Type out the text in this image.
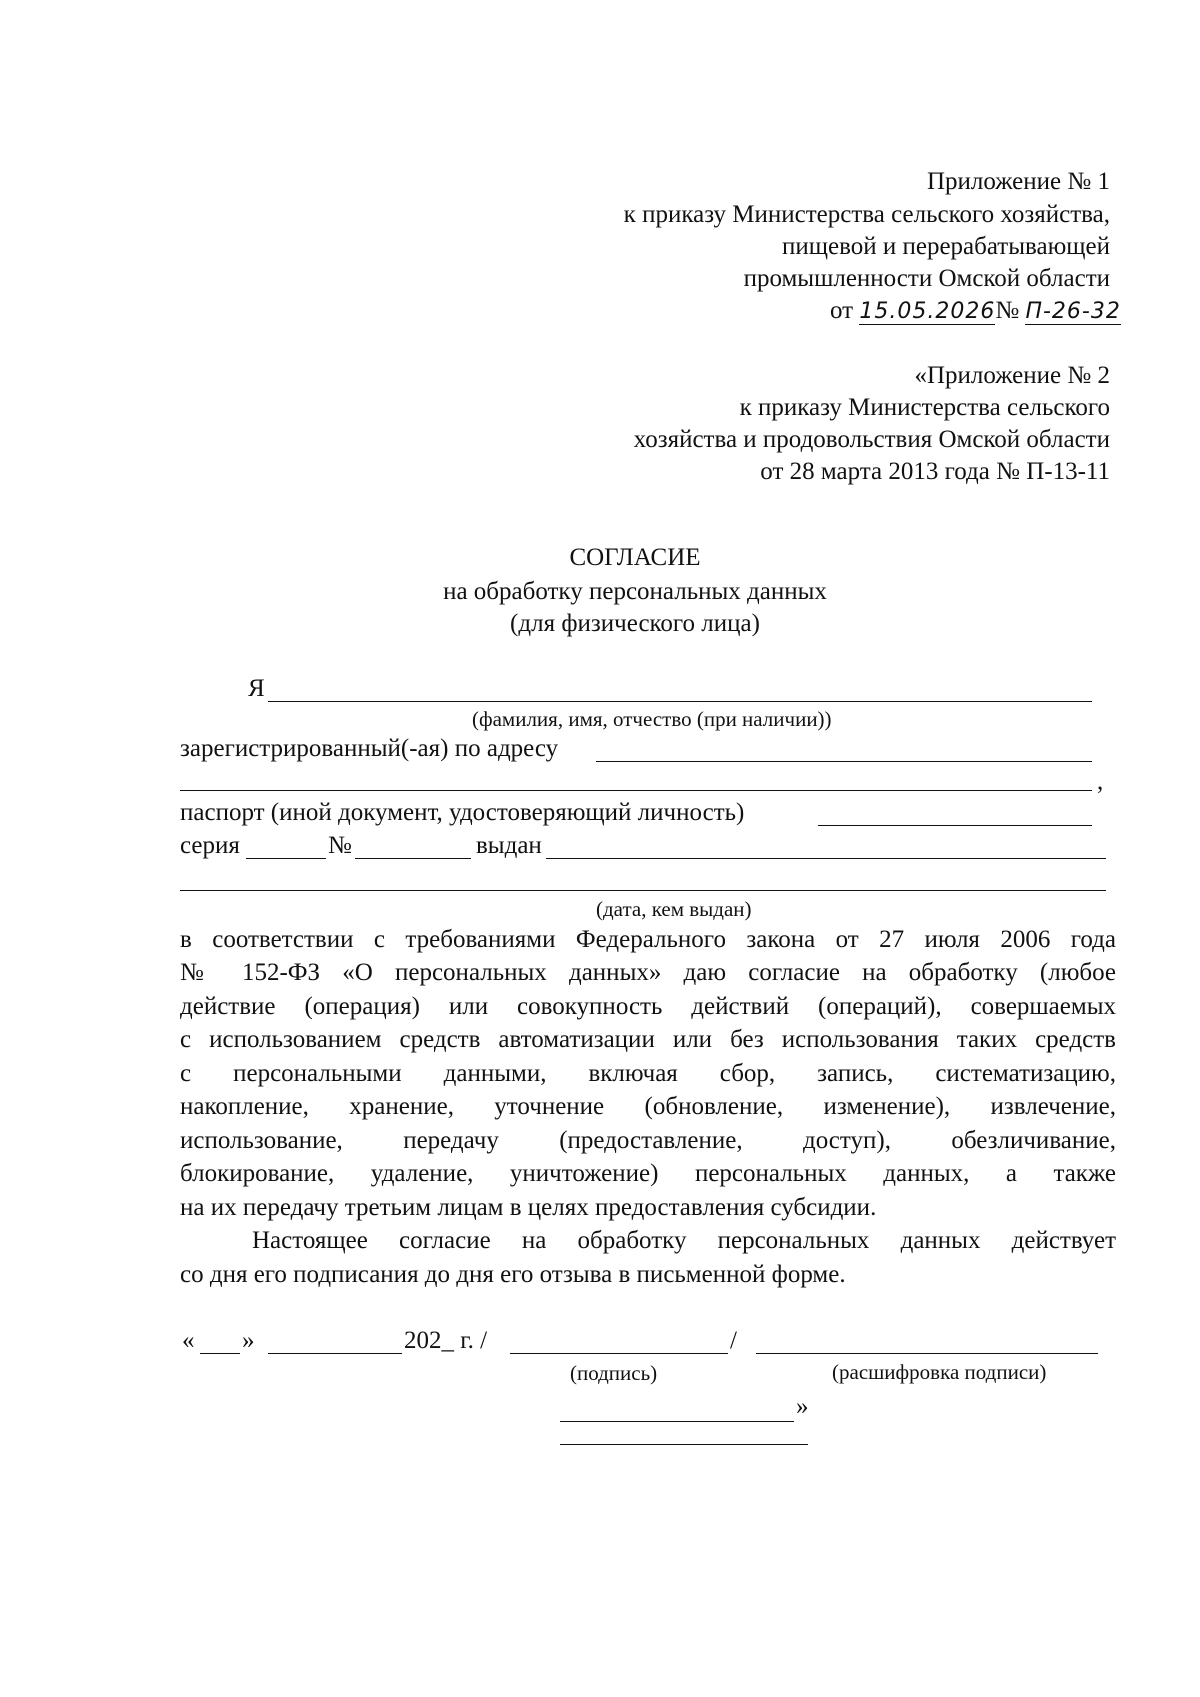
Приложение № 1
к приказу Министерства сельского хозяйства,
пищевой и перерабатывающей
промышленности Омской области
от 15.05.2026№ П-26-32
«Приложение № 2
к приказу Министерства сельского
хозяйства и продовольствия Омской области
от 28 марта 2013 года № П-13-11
СОГЛАСИЕ
на обработку персональных данных
(для физического лица)
Я
(фамилия, имя, отчество (при наличии))
зарегистрированный(-ая) по адресу
,
паспорт (иной документ, удостоверяющий личность)
серия	№	выдан
(дата, кем выдан)
в соответствии с требованиями Федерального закона от 27 июля 2006 года
№ 152-ФЗ «О персональных данных» даю согласие на обработку (любое
действие (операция) или совокупность действий (операций), совершаемых
с использованием средств автоматизации или без использования таких средств
с персональными данными, включая сбор, запись, систематизацию,
накопление, хранение, уточнение (обновление, изменение), извлечение,
использование, передачу (предоставление, доступ), обезличивание,
блокирование, удаление, уничтожение) персональных данных, а также
на их передачу третьим лицам в целях предоставления субсидии.
Настоящее согласие на обработку персональных данных действует
со дня его подписания до дня его отзыва в письменной форме.
« »	202_ г. /	/
(подпись)	(расшифровка подписи)
»
